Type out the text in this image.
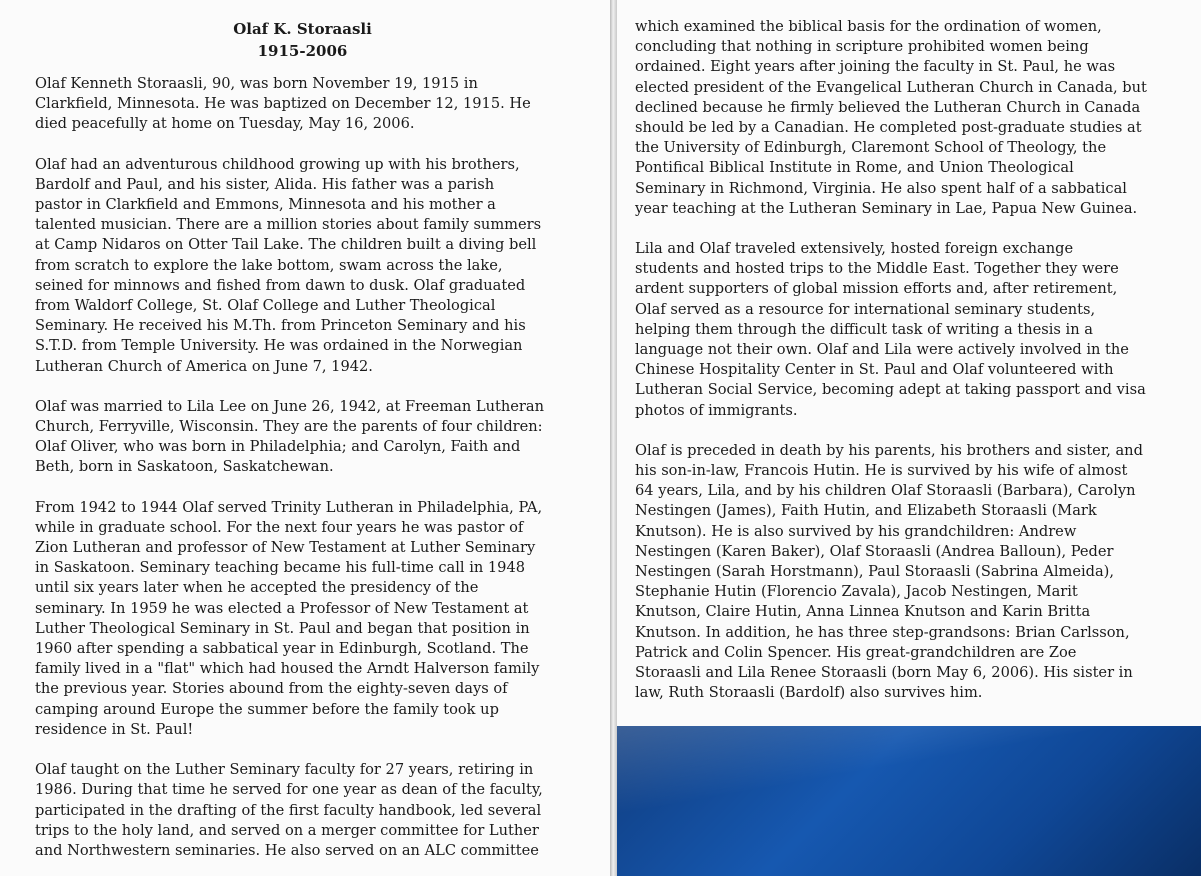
Olaf K. Storaasli
1915-2006

Olaf Kenneth Storaasli, 90, was born November 19, 1915 in
Clarkfield, Minnesota. He was baptized on December 12, 1915. He
died peacefully at home on Tuesday, May 16, 2006.

Olaf had an adventurous childhood growing up with his brothers,
Bardolf and Paul, and his sister, Alida. His father was a parish
pastor in Clarkfield and Emmons, Minnesota and his mother a
talented musician. There are a million stories about family summers
at Camp Nidaros on Otter Tail Lake. The children built a diving bell
from scratch to explore the lake bottom, swam across the lake,
seined for minnows and fished from dawn to dusk. Olaf graduated
from Waldorf College, St. Olaf College and Luther Theological
Seminary. He received his M.Th. from Princeton Seminary and his
S.T.D. from Temple University. He was ordained in the Norwegian
Lutheran Church of America on June 7, 1942.

Olaf was married to Lila Lee on June 26, 1942, at Freeman Lutheran
Church, Ferryville, Wisconsin. They are the parents of four children:
Olaf Oliver, who was born in Philadelphia; and Carolyn, Faith and
Beth, born in Saskatoon, Saskatchewan.

From 1942 to 1944 Olaf served Trinity Lutheran in Philadelphia, PA,
while in graduate school. For the next four years he was pastor of
Zion Lutheran and professor of New Testament at Luther Seminary
in Saskatoon. Seminary teaching became his full-time call in 1948
until six years later when he accepted the presidency of the
seminary. In 1959 he was elected a Professor of New Testament at
Luther Theological Seminary in St. Paul and began that position in
1960 after spending a sabbatical year in Edinburgh, Scotland. The
family lived in a "flat" which had housed the Arndt Halverson family
the previous year. Stories abound from the eighty-seven days of
camping around Europe the summer before the family took up
residence in St. Paul!

Olaf taught on the Luther Seminary faculty for 27 years, retiring in
1986. During that time he served for one year as dean of the faculty,
participated in the drafting of the first faculty handbook, led several
trips to the holy land, and served on a merger committee for Luther
and Northwestern seminaries. He also served on an ALC committee

which examined the biblical basis for the ordination of women,
concluding that nothing in scripture prohibited women being
ordained. Eight years after joining the faculty in St. Paul, he was
elected president of the Evangelical Lutheran Church in Canada, but
declined because he firmly believed the Lutheran Church in Canada
should be led by a Canadian. He completed post-graduate studies at
the University of Edinburgh, Claremont School of Theology, the
Pontifical Biblical Institute in Rome, and Union Theological
Seminary in Richmond, Virginia. He also spent half of a sabbatical
year teaching at the Lutheran Seminary in Lae, Papua New Guinea.

Lila and Olaf traveled extensively, hosted foreign exchange
students and hosted trips to the Middle East. Together they were
ardent supporters of global mission efforts and, after retirement,
Olaf served as a resource for international seminary students,
helping them through the difficult task of writing a thesis in a
language not their own. Olaf and Lila were actively involved in the
Chinese Hospitality Center in St. Paul and Olaf volunteered with
Lutheran Social Service, becoming adept at taking passport and visa
photos of immigrants.

Olaf is preceded in death by his parents, his brothers and sister, and
his son-in-law, Francois Hutin. He is survived by his wife of almost
64 years, Lila, and by his children Olaf Storaasli (Barbara), Carolyn
Nestingen (James), Faith Hutin, and Elizabeth Storaasli (Mark
Knutson). He is also survived by his grandchildren: Andrew
Nestingen (Karen Baker), Olaf Storaasli (Andrea Balloun), Peder
Nestingen (Sarah Horstmann), Paul Storaasli (Sabrina Almeida),
Stephanie Hutin (Florencio Zavala), Jacob Nestingen, Marit
Knutson, Claire Hutin, Anna Linnea Knutson and Karin Britta
Knutson. In addition, he has three step-grandsons: Brian Carlsson,
Patrick and Colin Spencer. His great-grandchildren are Zoe
Storaasli and Lila Renee Storaasli (born May 6, 2006). His sister in
law, Ruth Storaasli (Bardolf) also survives him.
